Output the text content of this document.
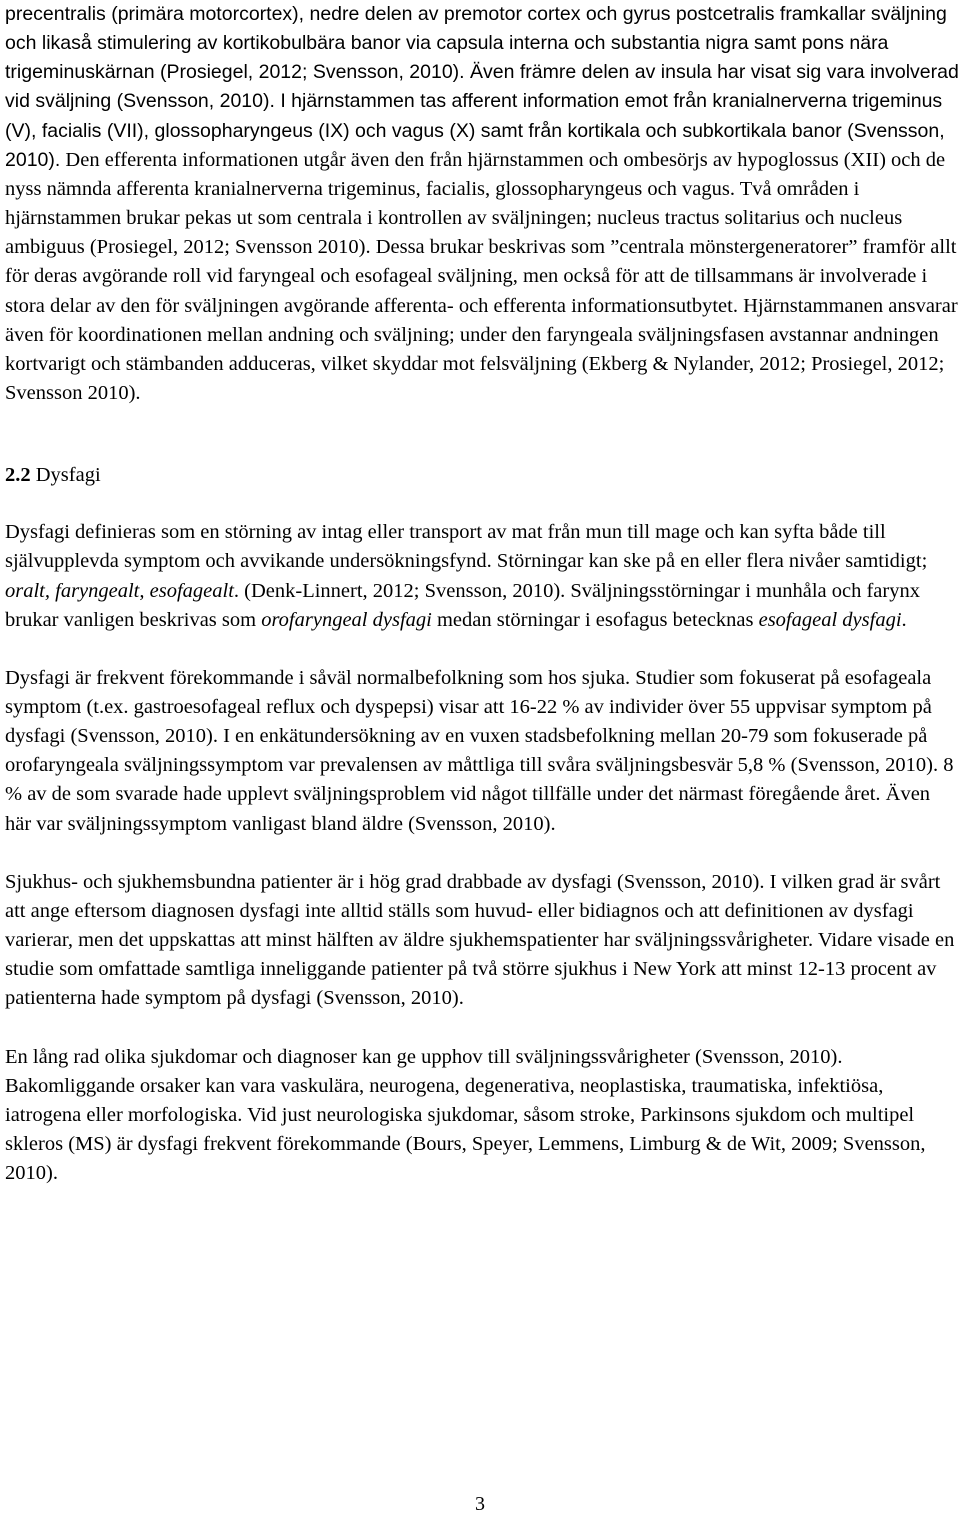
precentralis (primära motorcortex), nedre delen av premotor cortex och gyrus postcetralis framkallar sväljning och likaså stimulering av kortikobulbära banor via capsula interna och substantia nigra samt pons nära trigeminuskärnan (Prosiegel, 2012; Svensson, 2010). Även främre delen av insula har visat sig vara involverad vid sväljning (Svensson, 2010). I hjärnstammen tas afferent information emot från kranialnerverna trigeminus (V), facialis (VII), glossopharyngeus (IX) och vagus (X) samt från kortikala och subkortikala banor (Svensson, 2010). Den efferenta informationen utgår även den från hjärnstammen och ombesörjs av hypoglossus (XII) och de nyss nämnda afferenta kranialnerverna trigeminus, facialis, glossopharyngeus och vagus. Två områden i hjärnstammen brukar pekas ut som centrala i kontrollen av sväljningen; nucleus tractus solitarius och nucleus ambiguus (Prosiegel, 2012; Svensson 2010). Dessa brukar beskrivas som ”centrala mönstergeneratorer” framför allt för deras avgörande roll vid faryngeal och esofageal sväljning, men också för att de tillsammans är involverade i stora delar av den för sväljningen avgörande afferenta- och efferenta informationsutbytet. Hjärnstammanen ansvarar även för koordinationen mellan andning och sväljning; under den faryngeala sväljningsfasen avstannar andningen kortvarigt och stämbanden adduceras, vilket skyddar mot felsväljning (Ekberg & Nylander, 2012; Prosiegel, 2012; Svensson 2010).

2.2 Dysfagi

Dysfagi definieras som en störning av intag eller transport av mat från mun till mage och kan syfta både till självupplevda symptom och avvikande undersökningsfynd. Störningar kan ske på en eller flera nivåer samtidigt; oralt, faryngealt, esofagealt. (Denk-Linnert, 2012; Svensson, 2010). Sväljningsstörningar i munhåla och farynx brukar vanligen beskrivas som orofaryngeal dysfagi medan störningar i esofagus betecknas esofageal dysfagi.

Dysfagi är frekvent förekommande i såväl normalbefolkning som hos sjuka. Studier som fokuserat på esofageala symptom (t.ex. gastroesofageal reflux och dyspepsi) visar att 16-22 % av individer över 55 uppvisar symptom på dysfagi (Svensson, 2010). I en enkätundersökning av en vuxen stadsbefolkning mellan 20-79 som fokuserade på orofaryngeala sväljningssymptom var prevalensen av måttliga till svåra sväljningsbesvär 5,8 % (Svensson, 2010). 8 % av de som svarade hade upplevt sväljningsproblem vid något tillfälle under det närmast föregående året. Även här var sväljningssymptom vanligast bland äldre (Svensson, 2010).

Sjukhus- och sjukhemsbundna patienter är i hög grad drabbade av dysfagi (Svensson, 2010). I vilken grad är svårt att ange eftersom diagnosen dysfagi inte alltid ställs som huvud- eller bidiagnos och att definitionen av dysfagi varierar, men det uppskattas att minst hälften av äldre sjukhemspatienter har sväljningssvårigheter. Vidare visade en studie som omfattade samtliga inneliggande patienter på två större sjukhus i New York att minst 12-13 procent av patienterna hade symptom på dysfagi (Svensson, 2010).

En lång rad olika sjukdomar och diagnoser kan ge upphov till sväljningssvårigheter (Svensson, 2010). Bakomliggande orsaker kan vara vaskulära, neurogena, degenerativa, neoplastiska, traumatiska, infektiösa, iatrogena eller morfologiska. Vid just neurologiska sjukdomar, såsom stroke, Parkinsons sjukdom och multipel skleros (MS) är dysfagi frekvent förekommande (Bours, Speyer, Lemmens, Limburg & de Wit, 2009; Svensson, 2010).

3
